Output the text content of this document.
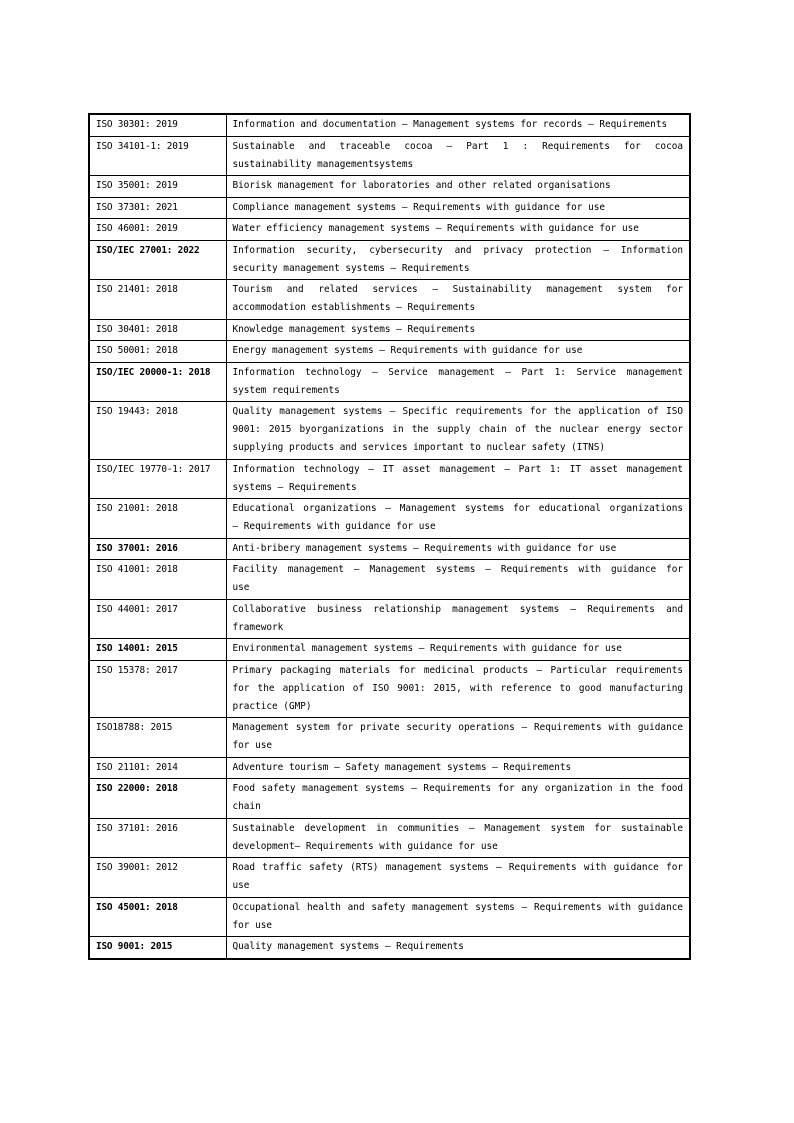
ISO 30301: 2019	Information and documentation — Management systems for records — Requirements

ISO 34101-1: 2019	Sustainable and traceable cocoa — Part 1 : Requirements for cocoa
sustainability managementsystems

ISO 35001: 2019	Biorisk management for laboratories and other related organisations

ISO 37301: 2021	Compliance management systems — Requirements with guidance for use

ISO 46001: 2019	Water efficiency management systems — Requirements with guidance for use

ISO/IEC 27001: 2022	Information security, cybersecurity and privacy protection — Information
security management systems — Requirements

ISO 21401: 2018	Tourism and related services — Sustainability management system for
accommodation establishments — Requirements

ISO 30401: 2018	Knowledge management systems — Requirements

ISO 50001: 2018	Energy management systems — Requirements with guidance for use

ISO/IEC 20000-1: 2018	Information technology — Service management — Part 1: Service management
system requirements

ISO 19443: 2018	Quality management systems — Specific requirements for the application of ISO
9001: 2015 byorganizations in the supply chain of the nuclear energy sector
supplying products and services important to nuclear safety (ITNS)

ISO/IEC 19770-1: 2017	Information technology — IT asset management — Part 1: IT asset management
systems — Requirements

ISO 21001: 2018	Educational organizations — Management systems for educational organizations
— Requirements with guidance for use

ISO 37001: 2016	Anti-bribery management systems — Requirements with guidance for use

ISO 41001: 2018	Facility management — Management systems — Requirements with guidance for
use

ISO 44001: 2017	Collaborative business relationship management systems — Requirements and
framework

ISO 14001: 2015	Environmental management systems — Requirements with guidance for use

ISO 15378: 2017	Primary packaging materials for medicinal products — Particular requirements
for the application of ISO 9001: 2015, with reference to good manufacturing
practice (GMP)

ISO18788: 2015	Management system for private security operations — Requirements with guidance
for use

ISO 21101: 2014	Adventure tourism — Safety management systems — Requirements

ISO 22000: 2018	Food safety management systems — Requirements for any organization in the food
chain

ISO 37101: 2016	Sustainable development in communities — Management system for sustainable
development— Requirements with guidance for use

ISO 39001: 2012	Road traffic safety (RTS) management systems — Requirements with guidance for
use

ISO 45001: 2018	Occupational health and safety management systems — Requirements with guidance
for use

ISO 9001: 2015	Quality management systems — Requirements
